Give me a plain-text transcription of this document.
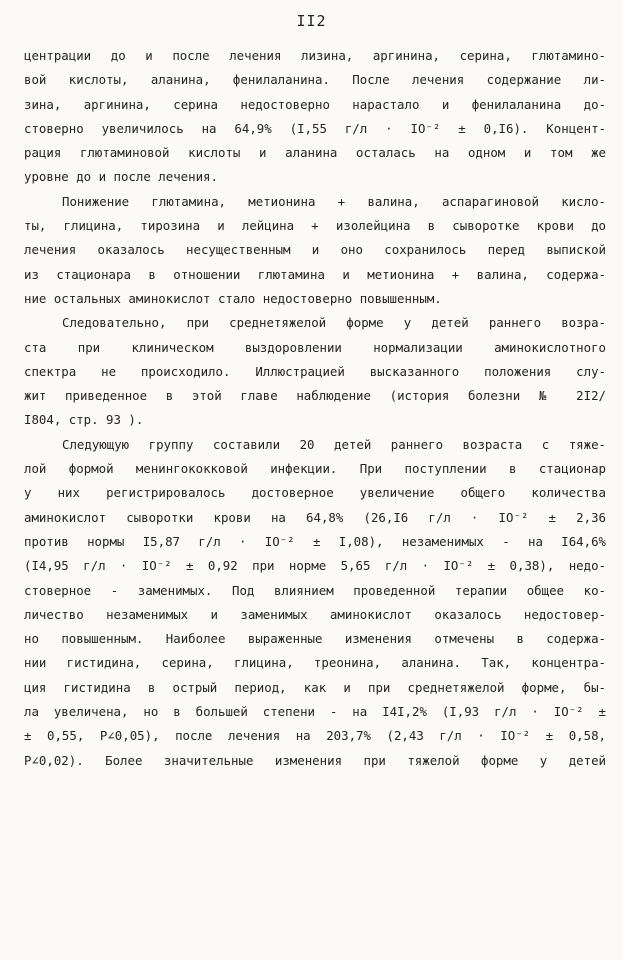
II2
центрации до и после лечения лизина, аргинина, серина, глютамино-
вой кислоты, аланина, фенилаланина. После лечения содержание ли-
зина, аргинина, серина недостоверно нарастало и фенилаланина до-
стоверно увеличилось на 64,9% (I,55 г/л · IO⁻² ± 0,I6). Концент-
рация глютаминовой кислоты и аланина осталась на одном и том же
уровне до и после лечения.
Понижение глютамина, метионина + валина, аспарагиновой кисло-
ты, глицина, тирозина и лейцина + изолейцина в сыворотке крови до
лечения оказалось несущественным и оно сохранилось перед выпиской
из стационара в отношении глютамина и метионина + валина, содержа-
ние остальных аминокислот стало недостоверно повышенным.
Следовательно, при среднетяжелой форме у детей раннего возра-
ста при клиническом выздоровлении нормализации аминокислотного
спектра не происходило. Иллюстрацией высказанного положения слу-
жит приведенное в этой главе наблюдение (история болезни № 2I2/
I804, стр. 93 ).
Следующую группу составили 20 детей раннего возраста с тяже-
лой формой менингококковой инфекции. При поступлении в стационар
у них регистрировалось достоверное увеличение общего количества
аминокислот сыворотки крови на 64,8% (26,I6 г/л · IO⁻² ± 2,36
против нормы I5,87 г/л · IO⁻² ± I,08), незаменимых - на I64,6%
(I4,95 г/л · IO⁻² ± 0,92 при норме 5,65 г/л · IO⁻² ± 0,38), недо-
стоверное - заменимых. Под влиянием проведенной терапии общее ко-
личество незаменимых и заменимых аминокислот оказалось недостовер-
но повышенным. Наиболее выраженные изменения отмечены в содержа-
нии гистидина, серина, глицина, треонина, аланина. Так, концентра-
ция гистидина в острый период, как и при среднетяжелой форме, бы-
ла увеличена, но в большей степени - на I4I,2% (I,93 г/л · IO⁻² ±
± 0,55, P∠0,05), после лечения на 203,7% (2,43 г/л · IO⁻² ± 0,58,
P∠0,02). Более значительные изменения при тяжелой форме у детей
